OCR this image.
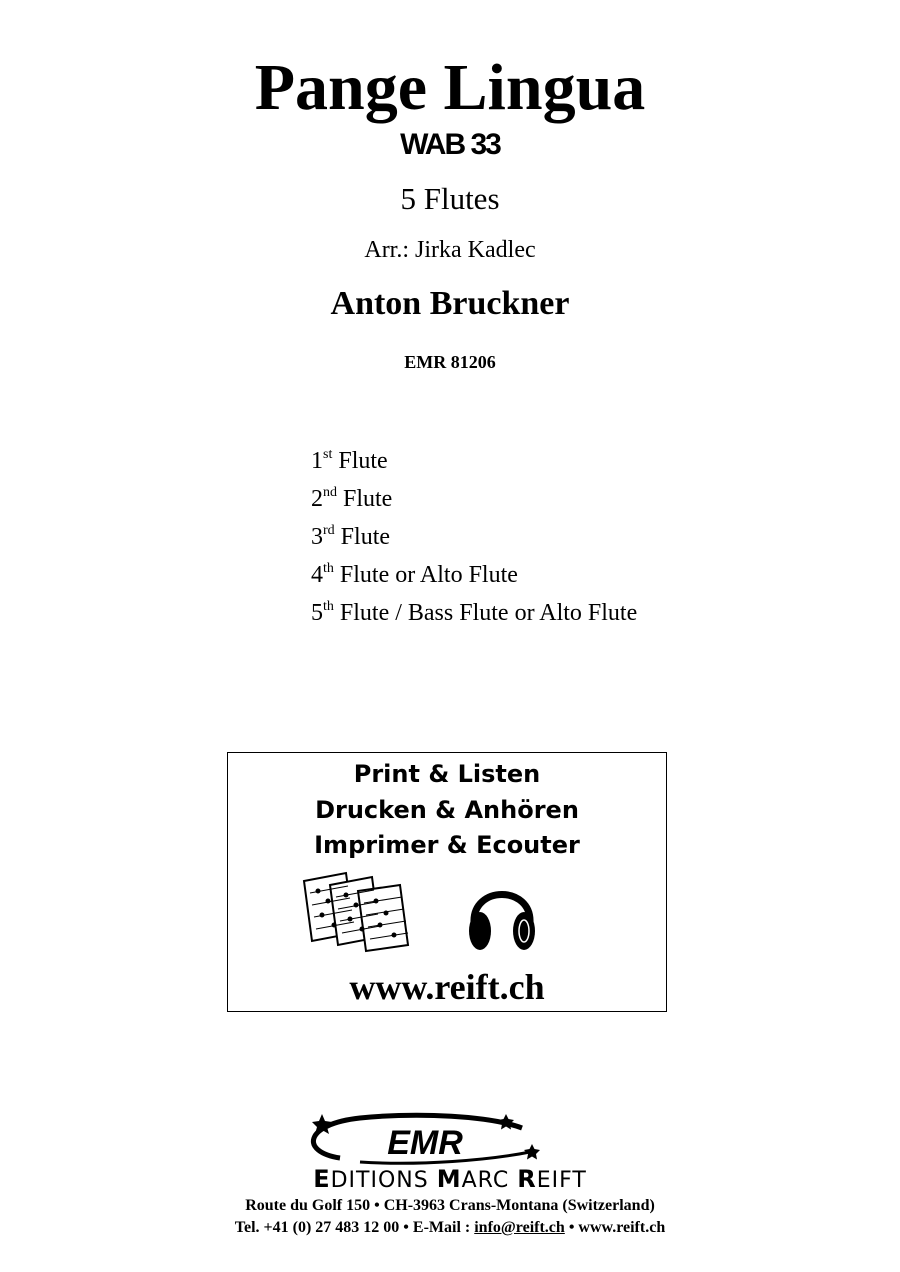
Pange Lingua
WAB 33
5 Flutes
Arr.: Jirka Kadlec
Anton Bruckner
EMR 81206
1st Flute
2nd Flute
3rd Flute
4th Flute or Alto Flute
5th Flute / Bass Flute or Alto Flute
Print & Listen
Drucken & Anhören
Imprimer & Ecouter
www.reift.ch
EMR
EDITIONS MARC REIFT
Route du Golf 150 • CH-3963 Crans-Montana (Switzerland)
Tel. +41 (0) 27 483 12 00 • E-Mail : info@reift.ch • www.reift.ch
